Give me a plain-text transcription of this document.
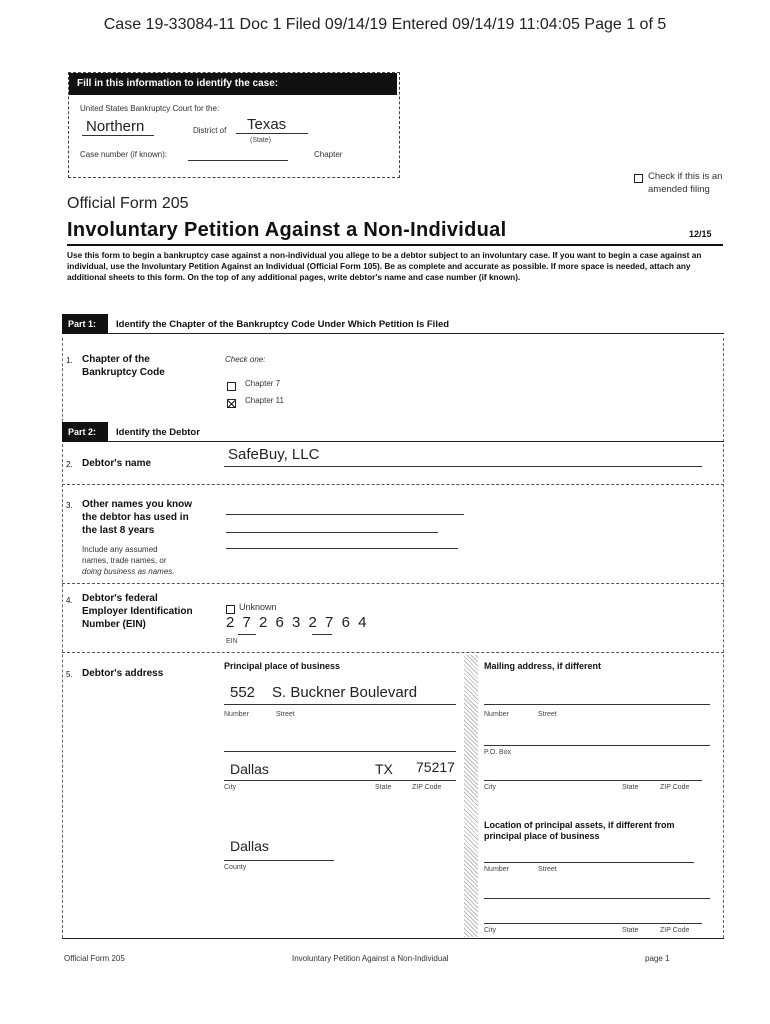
Case 19-33084-11 Doc 1 Filed 09/14/19 Entered 09/14/19 11:04:05 Page 1 of 5
Fill in this information to identify the case:
United States Bankruptcy Court for the:
Northern	District of Texas
(State)
Case number (if known):	Chapter
Check if this is an
amended filing
Official Form 205
Involuntary Petition Against a Non-Individual	12/15
Use this form to begin a bankruptcy case against a non-individual you allege to be a debtor subject to an involuntary case. If you want to begin a case against an individual, use the Involuntary Petition Against an Individual (Official Form 105). Be as complete and accurate as possible. If more space is needed, attach any additional sheets to this form. On the top of any additional pages, write debtor's name and case number (if known).
Part 1:	Identify the Chapter of the Bankruptcy Code Under Which Petition Is Filed
1. Chapter of the
Bankruptcy Code
Check one:
Chapter 7
Chapter 11
Part 2:	Identify the Debtor
2. Debtor's name
SafeBuy, LLC
3. Other names you know
the debtor has used in
the last 8 years
Include any assumed
names, trade names, or
doing business as names.
4. Debtor's federal
Employer Identification
Number (EIN)
Unknown
2 7 2 6 3 2 7 6 4
EIN
5. Debtor's address
Principal place of business
552 S. Buckner Boulevard
Number	Street
Dallas	TX 75217
City	State	ZIP Code
Dallas
County
Mailing address, if different
Number	Street
P.O. Box
City	State	ZIP Code
Location of principal assets, if different from
principal place of business
Number	Street
City	State	ZIP Code
Official Form 205	Involuntary Petition Against a Non-Individual	page 1
